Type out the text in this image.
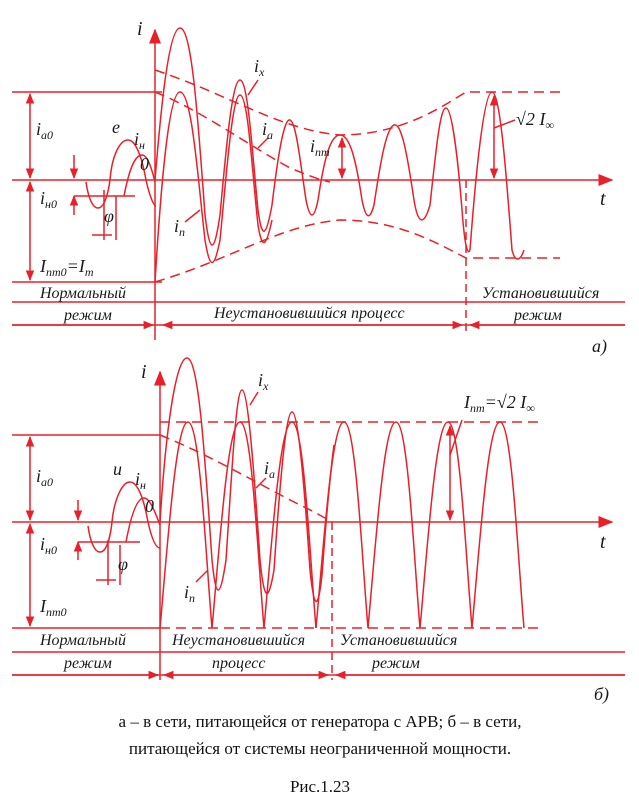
i
t
0
e
$i_н$
$i_x$
$i_a$
$i_{nm}$
$i_n$
$i_{a0}$
$i_{н0}$
φ
$I_{nm0}=I_m$
√2 $I_\infty$
Нормальный
режим	Неустановившийся процесс
Установившийся
режим
а)
i
t
0
u $i_н$
$i_x$
$i_a$
$i_n$
$i_{a0}$
$i_{н0}$
φ
$I_{nm0}$
$I_{nm}=√2$ $I_\infty$
Нормальный
режим
Неустановившийся
процесс
Установившийся
режим
б)
а – в сети, питающейся от генератора с АРВ; б – в сети,
питающейся от системы неограниченной мощности.
Рис.1.23
